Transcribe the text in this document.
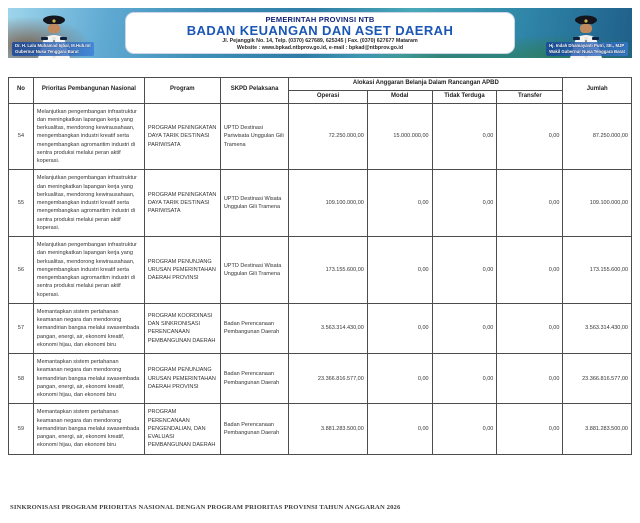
PEMERINTAH PROVINSI NTB
BADAN KEUANGAN DAN ASET DAERAH
Jl. Pejanggik No. 14, Telp. (0370) 627689, 625345 | Fax. (0370) 627677 Mataram
Website : www.bpkad.ntbprov.go.id, e-mail : bpkad@ntbprov.go.id
Dr. H. Lalu Muhamad Iqbal, M.Hub.Int
Gubernur Nusa Tenggara Barat
Hj. Indah Dhamayanti Putri, SE., MJP
Wakil Gubernur Nusa Tenggara Barat
No	Prioritas Pembangunan Nasional	Program	SKPD Pelaksana	Alokasi Anggaran Belanja Dalam Rancangan APBD				Jumlah
				Operasi	Modal	Tidak Terduga	Transfer	
54	Melanjutkan pengembangan infrastruktur dan meningkatkan lapangan kerja yang berkualitas, mendorong kewirausahaan, mengembangkan industri kreatif serta mengembangkan agromaritim industri di sentra produksi melalui peran aktif koperasi.	PROGRAM PENINGKATAN DAYA TARIK DESTINASI PARIWISATA	UPTD Destinasi Pariwisata Unggulan Gili Tramena	72.250.000,00	15.000.000,00	0,00	0,00	87.250.000,00
55	Melanjutkan pengembangan infrastruktur dan meningkatkan lapangan kerja yang berkualitas, mendorong kewirausahaan, mengembangkan industri kreatif serta mengembangkan agromaritim industri di sentra produksi melalui peran aktif koperasi.	PROGRAM PENINGKATAN DAYA TARIK DESTINASI PARIWISATA	UPTD Destinasi Wisata Unggulan Gili Tramena	109.100.000,00	0,00	0,00	0,00	109.100.000,00
56	Melanjutkan pengembangan infrastruktur dan meningkatkan lapangan kerja yang berkualitas, mendorong kewirausahaan, mengembangkan industri kreatif serta mengembangkan agromaritim industri di sentra produksi melalui peran aktif koperasi.	PROGRAM PENUNJANG URUSAN PEMERINTAHAN DAERAH PROVINSI	UPTD Destinasi Wisata Unggulan Gili Tramena	173.155.600,00	0,00	0,00	0,00	173.155.600,00
57	Memantapkan sistem pertahanan keamanan negara dan mendorong kemandirian bangsa melalui swasembada pangan, energi, air, ekonomi kreatif, ekonomi hijau, dan ekonomi biru	PROGRAM KOORDINASI DAN SINKRONISASI PERENCANAAN PEMBANGUNAN DAERAH	Badan Perencanaan Pembangunan Daerah	3.563.314.430,00	0,00	0,00	0,00	3.563.314.430,00
58	Memantapkan sistem pertahanan keamanan negara dan mendorong kemandirian bangsa melalui swasembada pangan, energi, air, ekonomi kreatif, ekonomi hijau, dan ekonomi biru	PROGRAM PENUNJANG URUSAN PEMERINTAHAN DAERAH PROVINSI	Badan Perencanaan Pembangunan Daerah	23.366.816.577,00	0,00	0,00	0,00	23.366.816.577,00
59	Memantapkan sistem pertahanan keamanan negara dan mendorong kemandirian bangsa melalui swasembada pangan, energi, air, ekonomi kreatif, ekonomi hijau, dan ekonomi biru	PROGRAM PERENCANAAN PENGENDALIAN, DAN EVALUASI PEMBANGUNAN DAERAH	Badan Perencanaan Pembangunan Daerah	3.881.283.500,00	0,00	0,00	0,00	3.881.283.500,00
SINKRONISASI PROGRAM PRIORITAS NASIONAL DENGAN PROGRAM PRIORITAS PROVINSI TAHUN ANGGARAN 2026
